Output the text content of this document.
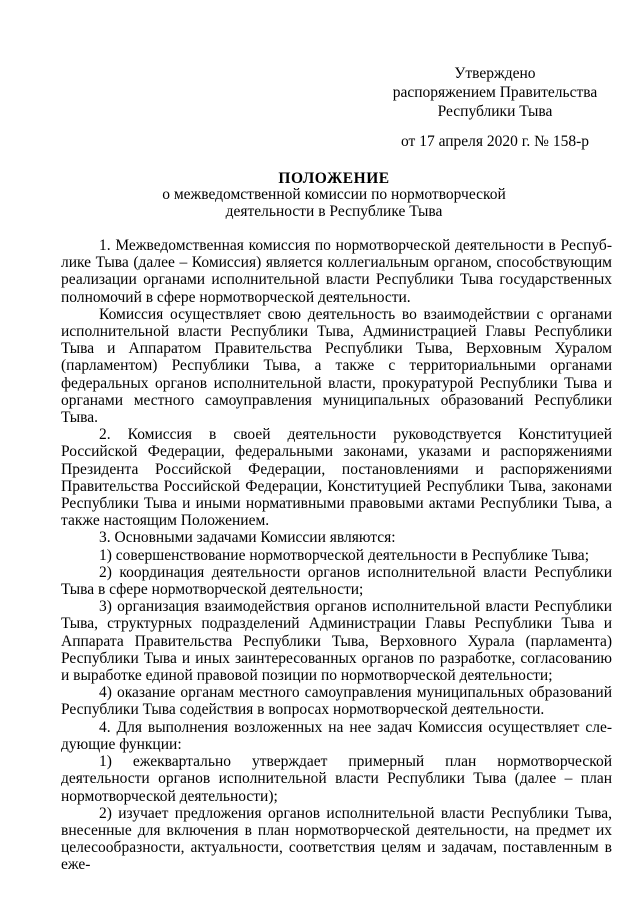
Утверждено
распоряжением Правительства
Республики Тыва
от 17 апреля 2020 г. № 158-р
ПОЛОЖЕНИЕ
о межведомственной комиссии по нормотворческой
деятельности в Республике Тыва

1. Межведомственная комиссия по нормотворческой деятельности в Республике Тыва (далее – Комиссия) является коллегиальным органом, способствующим реализации органами исполнительной власти Республики Тыва государственных полномочий в сфере нормотворческой деятельности.

Комиссия осуществляет свою деятельность во взаимодействии с органами исполнительной власти Республики Тыва, Администрацией Главы Республики Тыва и Аппаратом Правительства Республики Тыва, Верховным Хуралом (парламентом) Республики Тыва, а также с территориальными органами федеральных органов исполнительной власти, прокуратурой Республики Тыва и органами местного самоуправления муниципальных образований Республики Тыва.

2. Комиссия в своей деятельности руководствуется Конституцией Российской Федерации, федеральными законами, указами и распоряжениями Президента Российской Федерации, постановлениями и распоряжениями Правительства Российской Федерации, Конституцией Республики Тыва, законами Республики Тыва и иными нормативными правовыми актами Республики Тыва, а также настоящим Положением.

3. Основными задачами Комиссии являются:

1) совершенствование нормотворческой деятельности в Республике Тыва;

2) координация деятельности органов исполнительной власти Республики Тыва в сфере нормотворческой деятельности;

3) организация взаимодействия органов исполнительной власти Республики Тыва, структурных подразделений Администрации Главы Республики Тыва и Аппарата Правительства Республики Тыва, Верховного Хурала (парламента) Республики Тыва и иных заинтересованных органов по разработке, согласованию и выработке единой правовой позиции по нормотворческой деятельности;

4) оказание органам местного самоуправления муниципальных образований Республики Тыва содействия в вопросах нормотворческой деятельности.

4. Для выполнения возложенных на нее задач Комиссия осуществляет следующие функции:

1) ежеквартально утверждает примерный план нормотворческой деятельности органов исполнительной власти Республики Тыва (далее – план нормотворческой деятельности);

2) изучает предложения органов исполнительной власти Республики Тыва, внесенные для включения в план нормотворческой деятельности, на предмет их целесообразности, актуальности, соответствия целям и задачам, поставленным в еже-
